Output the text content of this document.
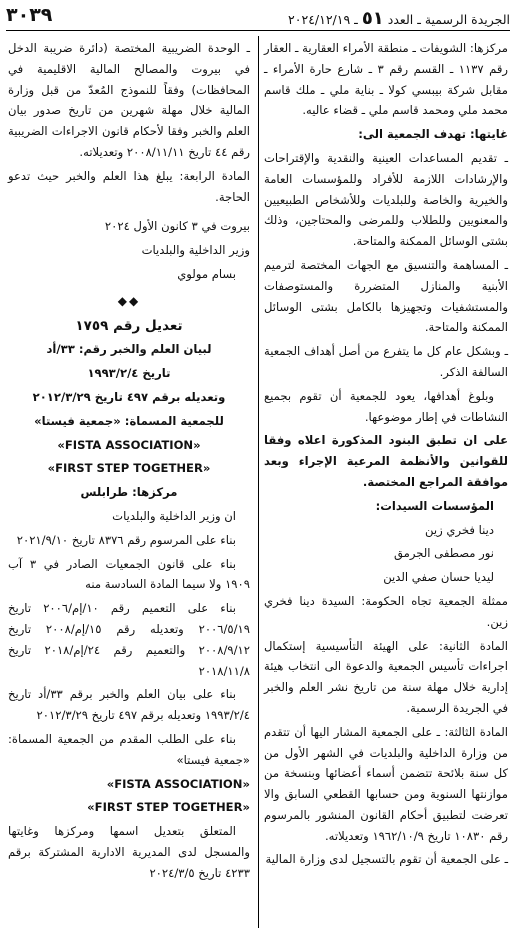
الجريدة الرسمية ـ العدد ٥١ ـ ٢٠٢٤/١٢/١٩
٣٠٣٩

مركزها: الشويفات ـ منطقة الأمراء العقارية ـ العقار رقم ١١٣٧ ـ القسم رقم ٣ ـ شارع حارة الأمراء ـ مقابل شركة بيبسي كولا ـ بناية ملي ـ ملك قاسم محمد ملي ومحمد قاسم ملي ـ قضاء عاليه.

غايتها: تهدف الجمعية الى:

ـ تقديم المساعدات العينية والنقدية والإقتراحات والإرشادات اللازمة للأفراد وللمؤسسات العامة والخيرية والخاصة وللبلديات وللأشخاص الطبيعيين والمعنويين وللطلاب وللمرضى والمحتاجين، وذلك بشتى الوسائل الممكنة والمتاحة.

ـ المساهمة والتنسيق مع الجهات المختصة لترميم الأبنية والمنازل المتضررة والمستوصفات والمستشفيات وتجهيزها بالكامل بشتى الوسائل الممكنة والمتاحة.

ـ وبشكل عام كل ما يتفرع من أصل أهداف الجمعية السالفة الذكر.

وبلوغ أهدافها، يعود للجمعية أن تقوم بجميع النشاطات في إطار موضوعها.

على ان تطبق البنود المذكورة اعلاه وفقا للقوانين والأنظمة المرعية الإجراء وبعد موافقة المراجع المختصة.

المؤسسات السيدات:

دينا فخري زين

نور مصطفى الجرمق

ليديا حسان صفي الدين

ممثلة الجمعية تجاه الحكومة: السيدة دينا فخري زين.

المادة الثانية: على الهيئة التأسيسية إستكمال اجراءات تأسيس الجمعية والدعوة الى انتخاب هيئة إدارية خلال مهلة سنة من تاريخ نشر العلم والخبر في الجريدة الرسمية.

المادة الثالثة: ـ على الجمعية المشار اليها أن تتقدم من وزارة الداخلية والبلديات في الشهر الأول من كل سنة بلائحة تتضمن أسماء أعضائها وبنسخة من موازنتها السنوية ومن حسابها القطعي السابق والا تعرضت لتطبيق أحكام القانون المنشور بالمرسوم رقم ١٠٨٣٠ تاريخ ١٩٦٢/١٠/٩ وتعديلاته.

ـ على الجمعية أن تقوم بالتسجيل لدى وزارة المالية

ـ الوحدة الضريبية المختصة (دائرة ضريبة الدخل في بيروت والمصالح المالية الاقليمية في المحافظات) وفقاً للنموذج المُعدّ من قبل وزارة المالية خلال مهلة شهرين من تاريخ صدور بيان العلم والخبر وفقا لأحكام قانون الاجراءات الضريبية رقم ٤٤ تاريخ ٢٠٠٨/١١/١١ وتعديلاته.

المادة الرابعة: يبلغ هذا العلم والخبر حيث تدعو الحاجة.

بيروت في ٣ كانون الأول ٢٠٢٤

وزير الداخلية والبلديات

بسام مولوي

◆◆

تعديل رقم ١٧٥٩

لبيان العلم والخبر رقم: ٣٣/أد

تاريخ ١٩٩٣/٢/٤

وتعديله برقم ٤٩٧ تاريخ ٢٠١٢/٣/٢٩

للجمعية المسماة: «جمعية فيستا»

«FISTA ASSOCIATION»

«FIRST STEP TOGETHER»

مركزها: طرابلس

ان وزير الداخلية والبلديات

بناء على المرسوم رقم ٨٣٧٦ تاريخ ٢٠٢١/٩/١٠

بناء على قانون الجمعيات الصادر في ٣ آب ١٩٠٩ ولا سيما المادة السادسة منه

بناء على التعميم رقم ١٠/إم/٢٠٠٦ تاريخ ٢٠٠٦/٥/١٩ وتعديله رقم ١٥/إم/٢٠٠٨ تاريخ ٢٠٠٨/٩/١٢ والتعميم رقم ٢٤/إم/٢٠١٨ تاريخ ٢٠١٨/١١/٨

بناء على بيان العلم والخبر برقم ٣٣/أد تاريخ ١٩٩٣/٢/٤ وتعديله برقم ٤٩٧ تاريخ ٢٠١٢/٣/٢٩

بناء على الطلب المقدم من الجمعية المسماة: «جمعية فيستا»

«FISTA ASSOCIATION»

«FIRST STEP TOGETHER»

المتعلق بتعديل اسمها ومركزها وغايتها والمسجل لدى المديرية الادارية المشتركة برقم ٤٢٣٣ تاريخ ٢٠٢٤/٣/٥
